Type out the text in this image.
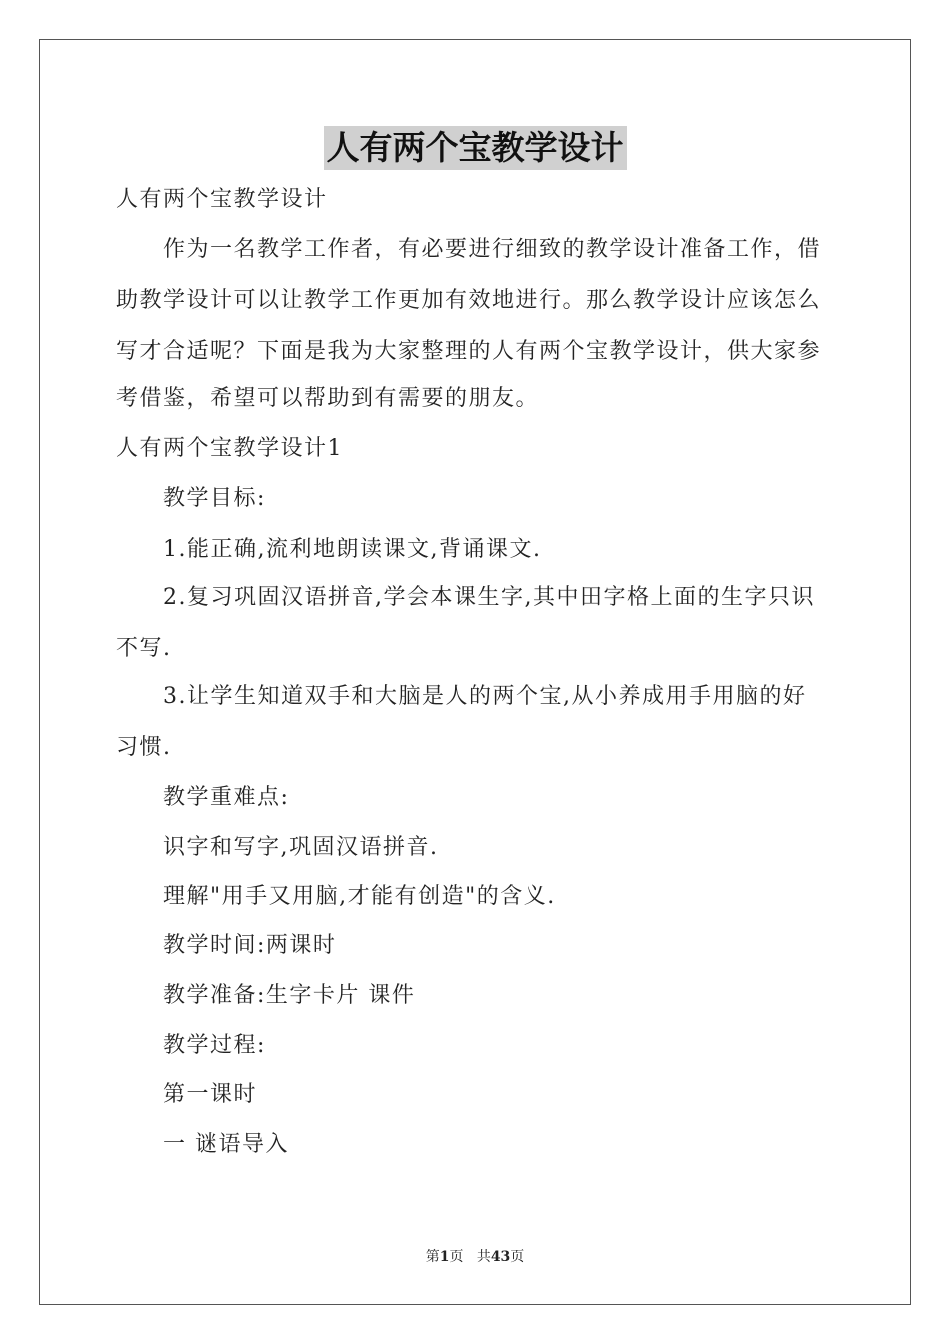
人有两个宝教学设计
人有两个宝教学设计
作为一名教学工作者，有必要进行细致的教学设计准备工作，借
助教学设计可以让教学工作更加有效地进行。那么教学设计应该怎么
写才合适呢？下面是我为大家整理的人有两个宝教学设计，供大家参
考借鉴，希望可以帮助到有需要的朋友。
人有两个宝教学设计1
教学目标:
1.能正确,流利地朗读课文,背诵课文.
2.复习巩固汉语拼音,学会本课生字,其中田字格上面的生字只识
不写.
3.让学生知道双手和大脑是人的两个宝,从小养成用手用脑的好
习惯.
教学重难点:
识字和写字,巩固汉语拼音.
理解"用手又用脑,才能有创造"的含义.
教学时间:两课时
教学准备:生字卡片 课件
教学过程:
第一课时
一 谜语导入
第1页 共43页
